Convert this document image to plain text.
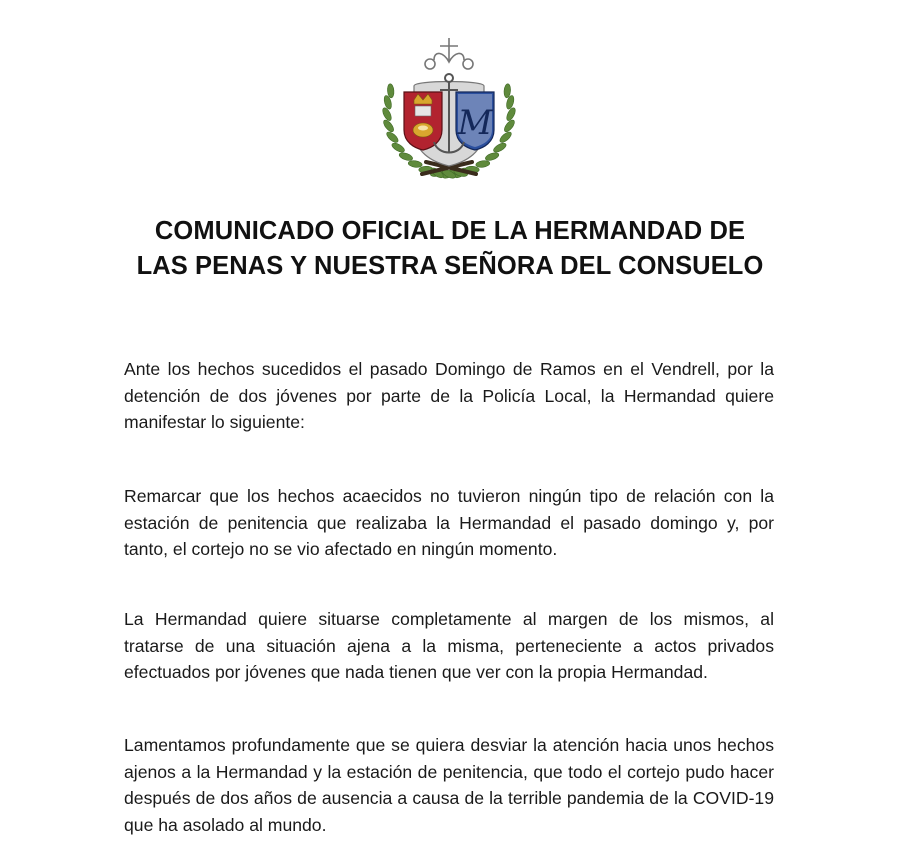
M
COMUNICADO OFICIAL DE LA HERMANDAD DE
LAS PENAS Y NUESTRA SEÑORA DEL CONSUELO

Ante los hechos sucedidos el pasado Domingo de Ramos en el Vendrell, por la detención de dos jóvenes por parte de la Policía Local, la Hermandad quiere manifestar lo siguiente:

Remarcar que los hechos acaecidos no tuvieron ningún tipo de relación con la estación de penitencia que realizaba la Hermandad el pasado domingo y, por tanto, el cortejo no se vio afectado en ningún momento.

La Hermandad quiere situarse completamente al margen de los mismos, al tratarse de una situación ajena a la misma, perteneciente a actos privados efectuados por jóvenes que nada tienen que ver con la propia Hermandad.

Lamentamos profundamente que se quiera desviar la atención hacia unos hechos ajenos a la Hermandad y la estación de penitencia, que todo el cortejo pudo hacer después de dos años de ausencia a causa de la terrible pandemia de la COVID-19 que ha asolado al mundo.
